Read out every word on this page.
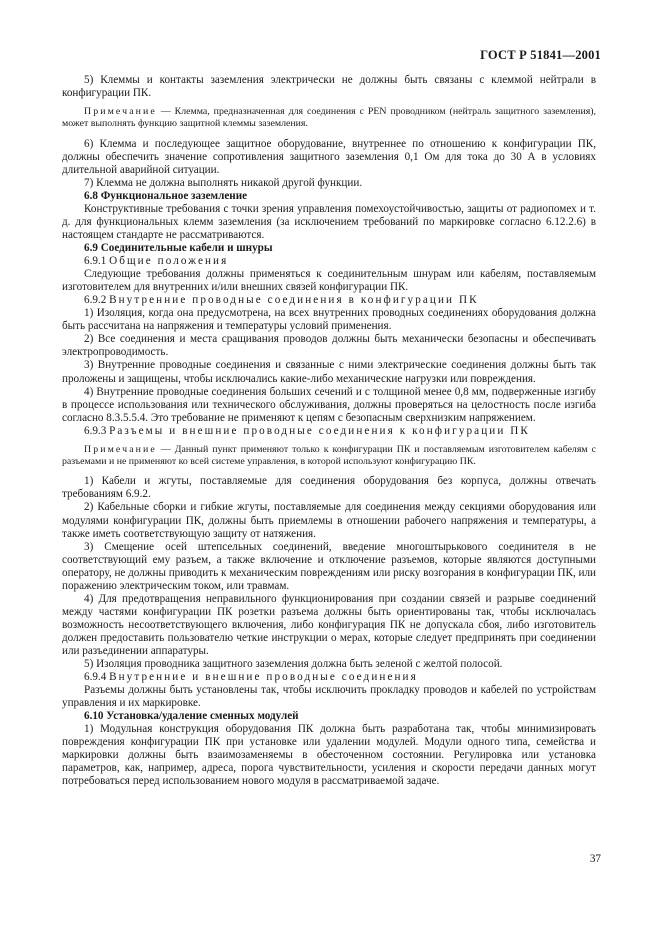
ГОСТ Р 51841—2001

5) Клеммы и контакты заземления электрически не должны быть связаны с клеммой нейтрали в конфигурации ПК.

Примечание — Клемма, предназначенная для соединения с PEN проводником (нейтраль защитного заземления), может выполнять функцию защитной клеммы заземления.

6) Клемма и последующее защитное оборудование, внутреннее по отношению к конфигурации ПК, должны обеспечить значение сопротивления защитного заземления 0,1 Ом для тока до 30 А в условиях длительной аварийной ситуации.

7) Клемма не должна выполнять никакой другой функции.

6.8 Функциональное заземление

Конструктивные требования с точки зрения управления помехоустойчивостью, защиты от радиопомех и т. д. для функциональных клемм заземления (за исключением требований по маркировке согласно 6.12.2.6) в настоящем стандарте не рассматриваются.

6.9 Соединительные кабели и шнуры

6.9.1 Общие положения

Следующие требования должны применяться к соединительным шнурам или кабелям, поставляемым изготовителем для внутренних и/или внешних связей конфигурации ПК.

6.9.2 Внутренние проводные соединения в конфигурации ПК

1) Изоляция, когда она предусмотрена, на всех внутренних проводных соединениях оборудования должна быть рассчитана на напряжения и температуры условий применения.

2) Все соединения и места сращивания проводов должны быть механически безопасны и обеспечивать электропроводимость.

3) Внутренние проводные соединения и связанные с ними электрические соединения должны быть так проложены и защищены, чтобы исключались какие-либо механические нагрузки или повреждения.

4) Внутренние проводные соединения больших сечений и с толщиной менее 0,8 мм, подверженные изгибу в процессе использования или технического обслуживания, должны проверяться на целостность после изгиба согласно 8.3.5.5.4. Это требование не применяют к цепям с безопасным сверхнизким напряжением.

6.9.3 Разъемы и внешние проводные соединения к конфигурации ПК

Примечание — Данный пункт применяют только к конфигурации ПК и поставляемым изготовителем кабелям с разъемами и не применяют ко всей системе управления, в которой используют конфигурацию ПК.

1) Кабели и жгуты, поставляемые для соединения оборудования без корпуса, должны отвечать требованиям 6.9.2.

2) Кабельные сборки и гибкие жгуты, поставляемые для соединения между секциями оборудования или модулями конфигурации ПК, должны быть приемлемы в отношении рабочего напряжения и температуры, а также иметь соответствующую защиту от натяжения.

3) Смещение осей штепсельных соединений, введение многоштырькового соединителя в не соответствующий ему разъем, а также включение и отключение разъемов, которые являются доступными оператору, не должны приводить к механическим повреждениям или риску возгорания в конфигурации ПК, или поражению электрическим током, или травмам.

4) Для предотвращения неправильного функционирования при создании связей и разрыве соединений между частями конфигурации ПК розетки разъема должны быть ориентированы так, чтобы исключалась возможность несоответствующего включения, либо конфигурация ПК не допускала сбоя, либо изготовитель должен предоставить пользователю четкие инструкции о мерах, которые следует предпринять при соединении или разъединении аппаратуры.

5) Изоляция проводника защитного заземления должна быть зеленой с желтой полосой.

6.9.4 Внутренние и внешние проводные соединения

Разъемы должны быть установлены так, чтобы исключить прокладку проводов и кабелей по устройствам управления и их маркировке.

6.10 Установка/удаление сменных модулей

1) Модульная конструкция оборудования ПК должна быть разработана так, чтобы минимизировать повреждения конфигурации ПК при установке или удалении модулей. Модули одного типа, семейства и маркировки должны быть взаимозаменяемы в обесточенном состоянии. Регулировка или установка параметров, как, например, адреса, порога чувствительности, усиления и скорости передачи данных могут потребоваться перед использованием нового модуля в рассматриваемой задаче.

37
